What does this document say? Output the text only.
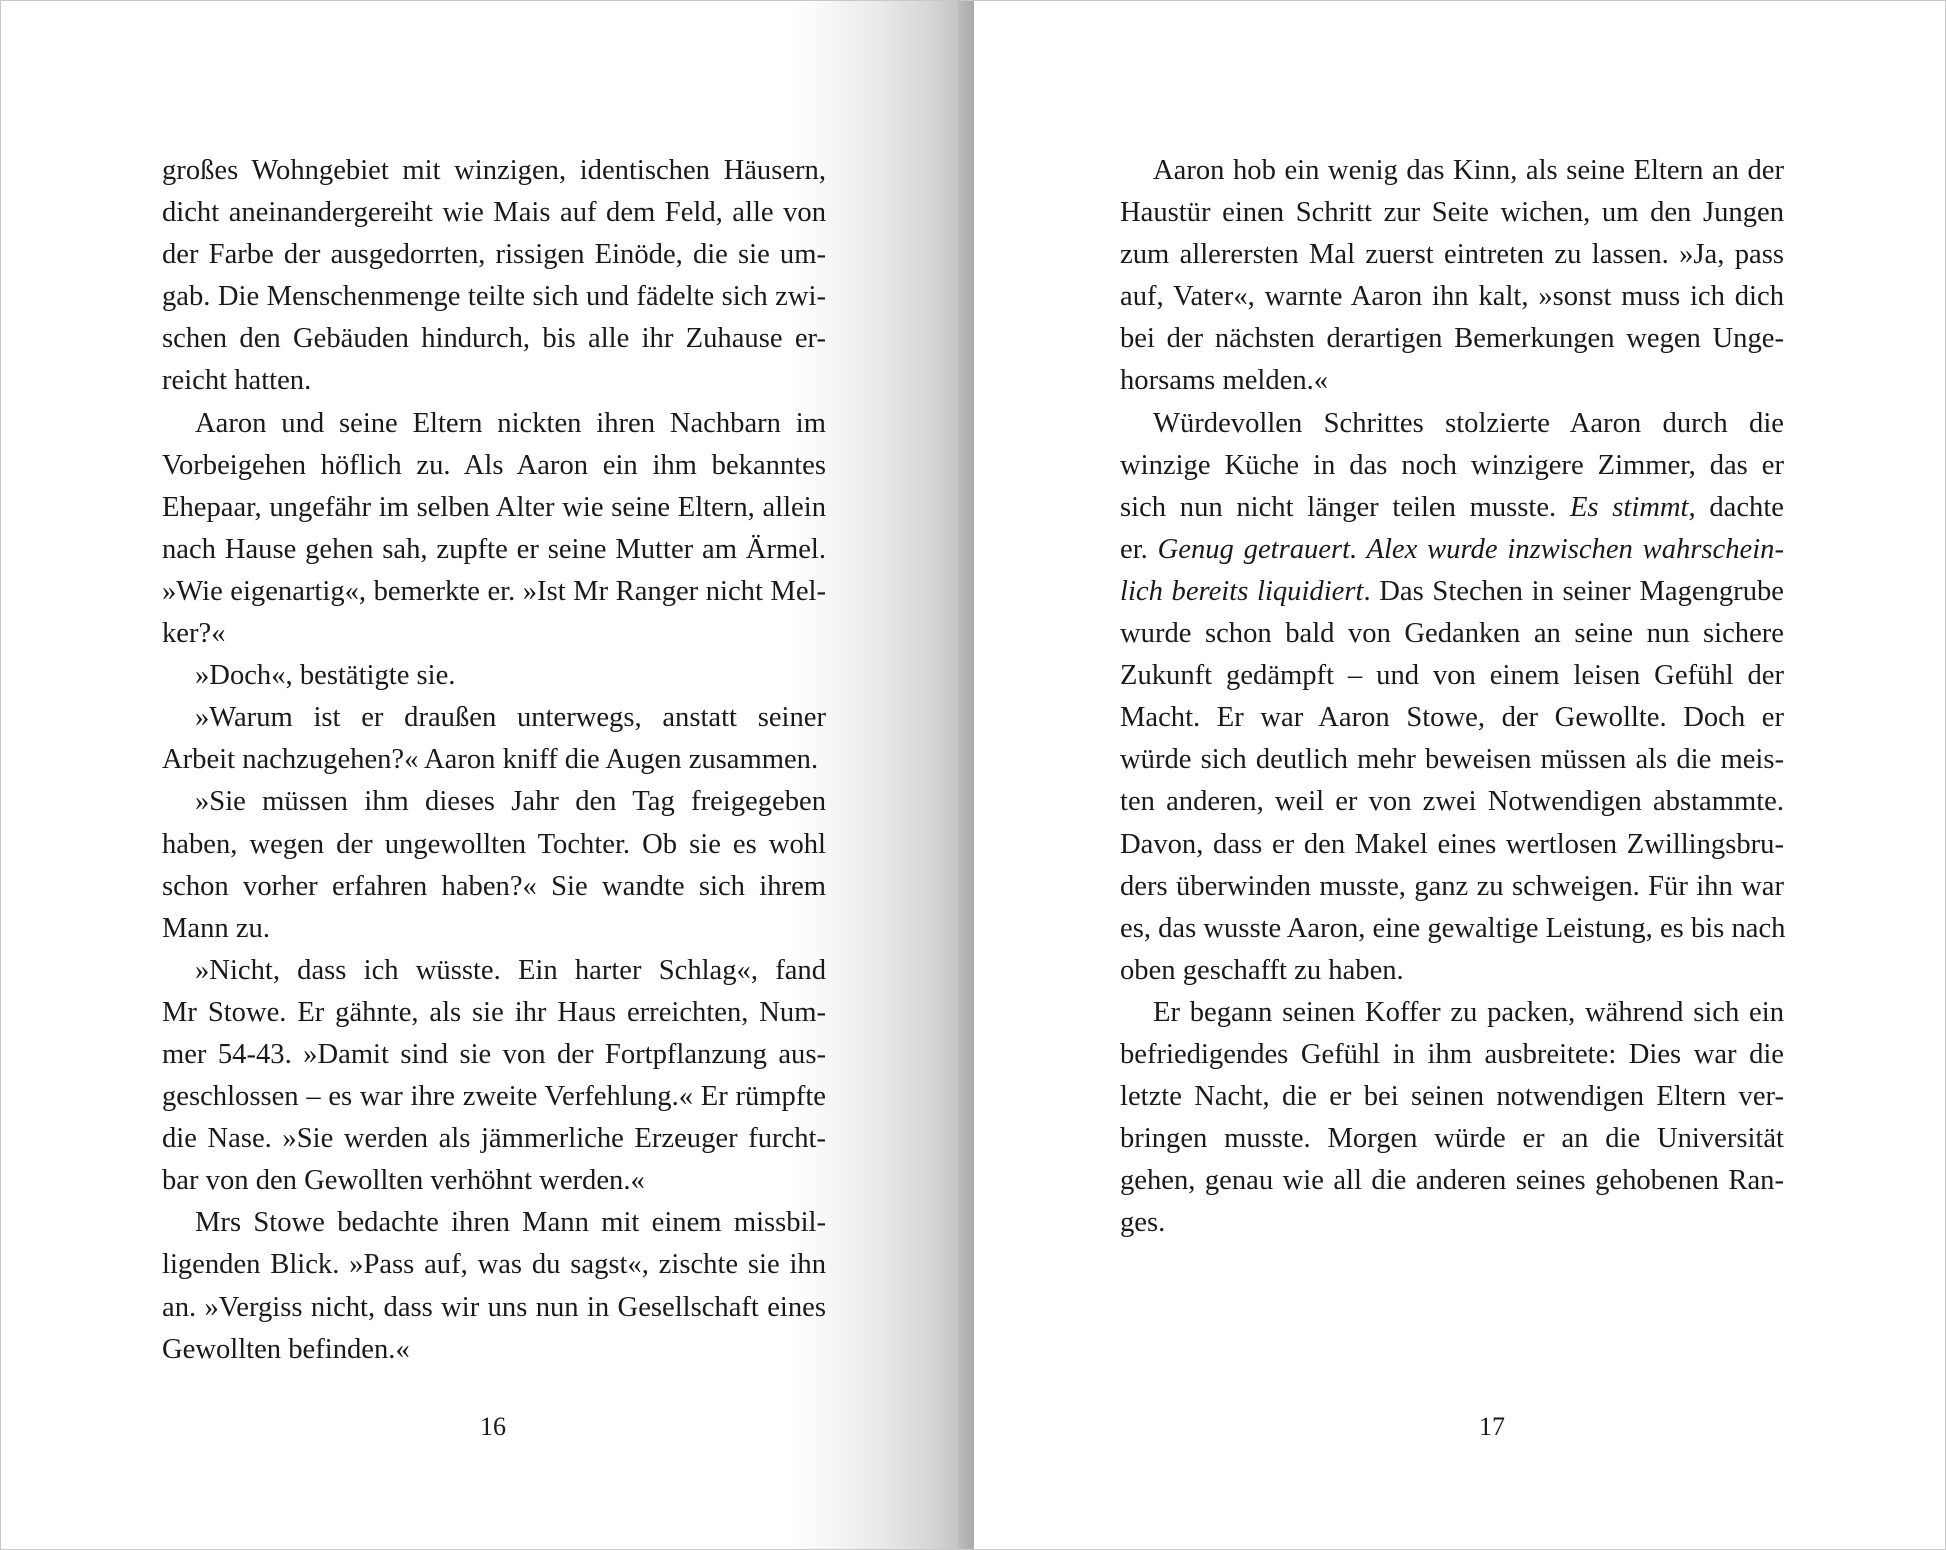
großes Wohngebiet mit winzigen, identischen Häusern,
dicht aneinandergereiht wie Mais auf dem Feld, alle von
der Farbe der ausgedorrten, rissigen Einöde, die sie um-
gab. Die Menschenmenge teilte sich und fädelte sich zwi-
schen den Gebäuden hindurch, bis alle ihr Zuhause er-
reicht hatten.
Aaron und seine Eltern nickten ihren Nachbarn im
Vorbeigehen höflich zu. Als Aaron ein ihm bekanntes
Ehepaar, ungefähr im selben Alter wie seine Eltern, allein
nach Hause gehen sah, zupfte er seine Mutter am Ärmel.
»Wie eigenartig«, bemerkte er. »Ist Mr Ranger nicht Mel-
ker?«
»Doch«, bestätigte sie.
»Warum ist er draußen unterwegs, anstatt seiner
Arbeit nachzugehen?« Aaron kniff die Augen zusammen.
»Sie müssen ihm dieses Jahr den Tag freigegeben
haben, wegen der ungewollten Tochter. Ob sie es wohl
schon vorher erfahren haben?« Sie wandte sich ihrem
Mann zu.
»Nicht, dass ich wüsste. Ein harter Schlag«, fand
Mr Stowe. Er gähnte, als sie ihr Haus erreichten, Num-
mer 54-43. »Damit sind sie von der Fortpflanzung aus-
geschlossen – es war ihre zweite Verfehlung.« Er rümpfte
die Nase. »Sie werden als jämmerliche Erzeuger furcht-
bar von den Gewollten verhöhnt werden.«
Mrs Stowe bedachte ihren Mann mit einem missbil-
ligenden Blick. »Pass auf, was du sagst«, zischte sie ihn
an. »Vergiss nicht, dass wir uns nun in Gesellschaft eines
Gewollten befinden.«
16
Aaron hob ein wenig das Kinn, als seine Eltern an der
Haustür einen Schritt zur Seite wichen, um den Jungen
zum allerersten Mal zuerst eintreten zu lassen. »Ja, pass
auf, Vater«, warnte Aaron ihn kalt, »sonst muss ich dich
bei der nächsten derartigen Bemerkungen wegen Unge-
horsams melden.«
Würdevollen Schrittes stolzierte Aaron durch die
winzige Küche in das noch winzigere Zimmer, das er
sich nun nicht länger teilen musste. Es stimmt, dachte
er. Genug getrauert. Alex wurde inzwischen wahrschein-
lich bereits liquidiert. Das Stechen in seiner Magengrube
wurde schon bald von Gedanken an seine nun sichere
Zukunft gedämpft – und von einem leisen Gefühl der
Macht. Er war Aaron Stowe, der Gewollte. Doch er
würde sich deutlich mehr beweisen müssen als die meis-
ten anderen, weil er von zwei Notwendigen abstammte.
Davon, dass er den Makel eines wertlosen Zwillingsbru-
ders überwinden musste, ganz zu schweigen. Für ihn war
es, das wusste Aaron, eine gewaltige Leistung, es bis nach
oben geschafft zu haben.
Er begann seinen Koffer zu packen, während sich ein
befriedigendes Gefühl in ihm ausbreitete: Dies war die
letzte Nacht, die er bei seinen notwendigen Eltern ver-
bringen musste. Morgen würde er an die Universität
gehen, genau wie all die anderen seines gehobenen Ran-
ges.
17
